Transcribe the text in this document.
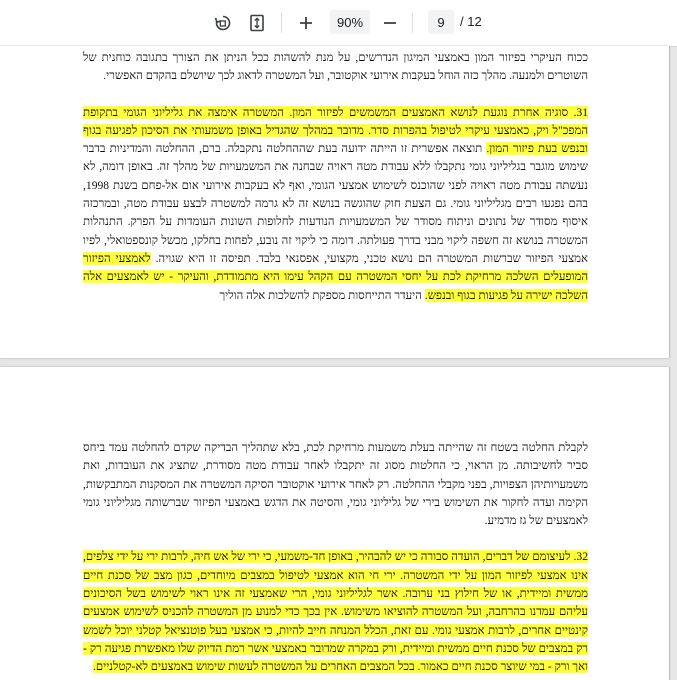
90%	9	/ 12

ככוח העיקרי בפיזור המון באמצעי המיגון הנדרשים, על מנת להשהות ככל הניתן את הצורך בתגובה כוחנית של השוטרים ולמנעה. מהלך כזה הוחל בעקבות אירועי אוקטובר, ועל המשטרה לדאוג לכך שיושלם בהקדם האפשרי.

31. סוגיה אחרת נוגעת לנושא האמצעים המשמשים לפיזור המון. המשטרה אימצה את גליליוני הגומי בתקופת המפכ"ל ויק, כאמצעי עיקרי לטיפול בהפרות סדר. מדובר במהלך שהגדיל באופן משמעותי את הסיכון לפגיעה בגוף ובנפש בעת פיזור המון. תוצאה אפשרית זו הייתה ידועה בעת שההחלטה נתקבלה. ברם, ההחלטה והמדיניות בדבר שימוש מוגבר בגליליוני גומי נתקבלו ללא עבודת מטה ראויה שבחנה את המשמעויות של מהלך זה. באופן דומה, לא נעשתה עבודת מטה ראויה לפני שהוכנס לשימוש אמצעי הגומי, ואף לא בעקבות אירועי אום אל-פחם בשנת 1998, בהם נפגעו רבים מגליליוני גומי. גם הצעת חוק שהוגשה בנושא זה לא גרמה למשטרה לבצע עבודת מטה, ובמרכזה איסוף מסודר של נתונים וניתוח מסודר של המשמעויות הנודעות לחלופות השונות העומדות על הפרק. התנהלות המשטרה בנושא זה חשפה ליקוי מבני בדרך פעולתה. דומה כי ליקוי זה נובע, לפחות בחלקו, מכשל קונספטואלי, לפיו אמצעי הפיזור שברשות המשטרה הם נושא טכני, מקצועי, אפסנאי בלבד. תפיסה זו היא שגויה. לאמצעי הפיזור המופעלים השלכה מרחיקת לכת על יחסי המשטרה עם הקהל עימו היא מתמודדת, והעיקר - יש לאמצעים אלה השלכה ישירה על פגיעות בגוף ובנפש. היעדר התייחסות מספקת להשלכות אלה הוליך

לקבלת החלטה בשטח זה שהייתה בעלת משמעות מרחיקת לכת, בלא שתהליך הבדיקה שקדם להחלטה עמד ביחס סביר לחשיבותה. מן הראוי, כי החלטות מסוג זה יתקבלו לאחר עבודת מטה מסודרת, שתציג את העובדות, ואת משמעויותיהן הצפויות, בפני מקבלי ההחלטה. רק לאחר אירועי אוקטובר הסיקה המשטרה את המסקנות המתבקשות, הקימה ועדה לחקור את השימוש בירי של גליליוני גומי, והסיטה את הדגש באמצעי הפיזור שברשותה מגליליוני גומי לאמצעים של גז מדמיע.

32. לעיצומם של דברים, הועדה סבורה כי יש להבהיר, באופן חד-משמעי, כי ירי של אש חיה, לרבות ירי על ידי צלפים, אינו אמצעי לפיזור המון על ידי המשטרה. ירי חי הוא אמצעי לטיפול במצבים מיוחדים, כגון מצב של סכנת חיים ממשית ומיידית, או של חילוץ בני ערובה. אשר לגליליוני גומי, הרי שאמצעי זה אינו ראוי לשימוש בשל הסיכונים עליהם עמדנו בהרחבה, ועל המשטרה להוציאו משימוש. אין בכך כדי למנוע מן המשטרה להכניס לשימוש אמצעים קינטיים אחרים, לרבות אמצעי גומי. עם זאת, הכלל המנחה חייב להיות, כי אמצעי בעל פוטנציאל קטלני יוכל לשמש רק במצבים של סכנת חיים ממשית ומיידית, ורק במקרה שמדובר באמצעי אשר רמת הדיוק שלו מאפשרת פגיעה רק - ואך ורק - במי שיוצר סכנת חיים כאמור. בכל המצבים האחרים על המשטרה לעשות שימוש באמצעים לא-קטלניים.
